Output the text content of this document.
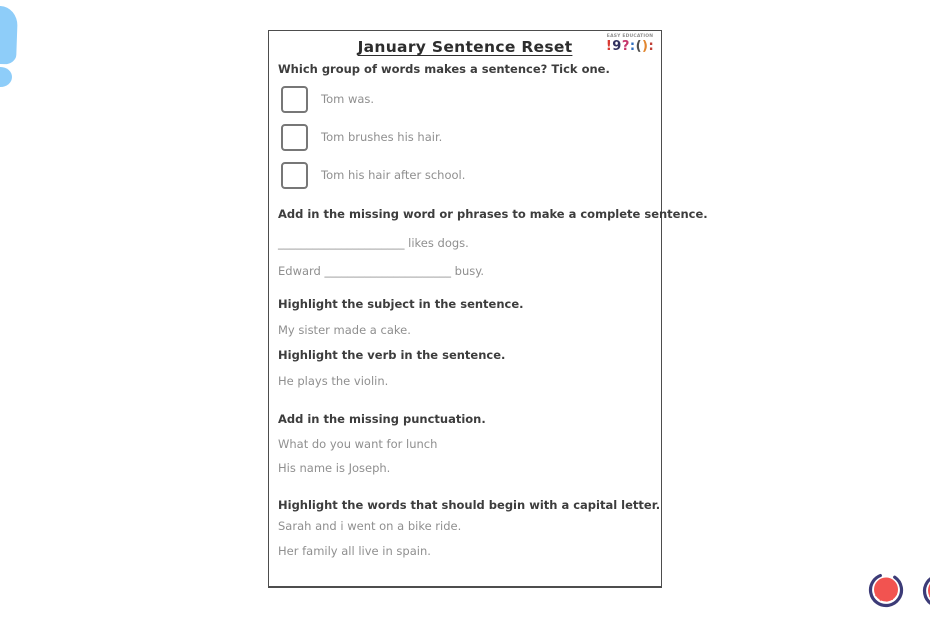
January Sentence Reset
EASY EDUCATION
!9?:():
Which group of words makes a sentence? Tick one.
Tom was.
Tom brushes his hair.
Tom his hair after school.
Add in the missing word or phrases to make a complete sentence.
______________________ likes dogs.
Edward ______________________ busy.
Highlight the subject in the sentence.
My sister made a cake.
Highlight the verb in the sentence.
He plays the violin.
Add in the missing punctuation.
What do you want for lunch
His name is Joseph.
Highlight the words that should begin with a capital letter.
Sarah and i went on a bike ride.
Her family all live in spain.
